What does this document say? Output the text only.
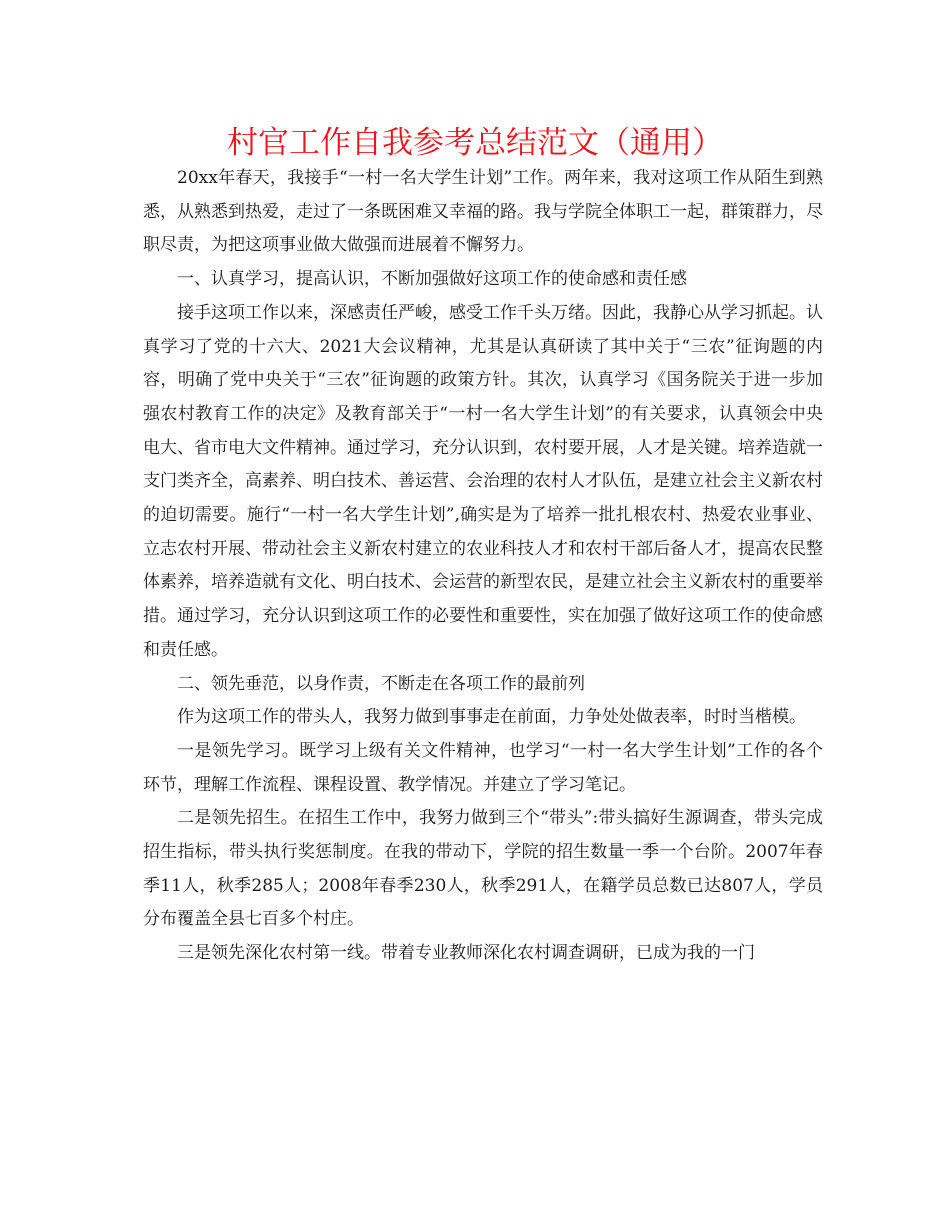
村官工作自我参考总结范文（通用）

20xx年春天，我接手“一村一名大学生计划”工作。两年来，我对这项工作从陌生到熟悉，从熟悉到热爱，走过了一条既困难又幸福的路。我与学院全体职工一起，群策群力，尽职尽责，为把这项事业做大做强而进展着不懈努力。

一、认真学习，提高认识，不断加强做好这项工作的使命感和责任感

接手这项工作以来，深感责任严峻，感受工作千头万绪。因此，我静心从学习抓起。认真学习了党的十六大、2021大会议精神，尤其是认真研读了其中关于“三农”征询题的内容，明确了党中央关于“三农”征询题的政策方针。其次，认真学习《国务院关于进一步加强农村教育工作的决定》及教育部关于“一村一名大学生计划”的有关要求，认真领会中央电大、省市电大文件精神。通过学习，充分认识到，农村要开展，人才是关键。培养造就一支门类齐全，高素养、明白技术、善运营、会治理的农村人才队伍，是建立社会主义新农村的迫切需要。施行“一村一名大学生计划”,确实是为了培养一批扎根农村、热爱农业事业、立志农村开展、带动社会主义新农村建立的农业科技人才和农村干部后备人才，提高农民整体素养，培养造就有文化、明白技术、会运营的新型农民，是建立社会主义新农村的重要举措。通过学习，充分认识到这项工作的必要性和重要性，实在加强了做好这项工作的使命感和责任感。

二、领先垂范，以身作责，不断走在各项工作的最前列

作为这项工作的带头人，我努力做到事事走在前面，力争处处做表率，时时当楷模。

一是领先学习。既学习上级有关文件精神，也学习“一村一名大学生计划”工作的各个环节，理解工作流程、课程设置、教学情况。并建立了学习笔记。

二是领先招生。在招生工作中，我努力做到三个“带头”:带头搞好生源调查，带头完成招生指标，带头执行奖惩制度。在我的带动下，学院的招生数量一季一个台阶。2007年春季11人，秋季285人；2008年春季230人，秋季291人，在籍学员总数已达807人，学员分布覆盖全县七百多个村庄。

三是领先深化农村第一线。带着专业教师深化农村调查调研，已成为我的一门
